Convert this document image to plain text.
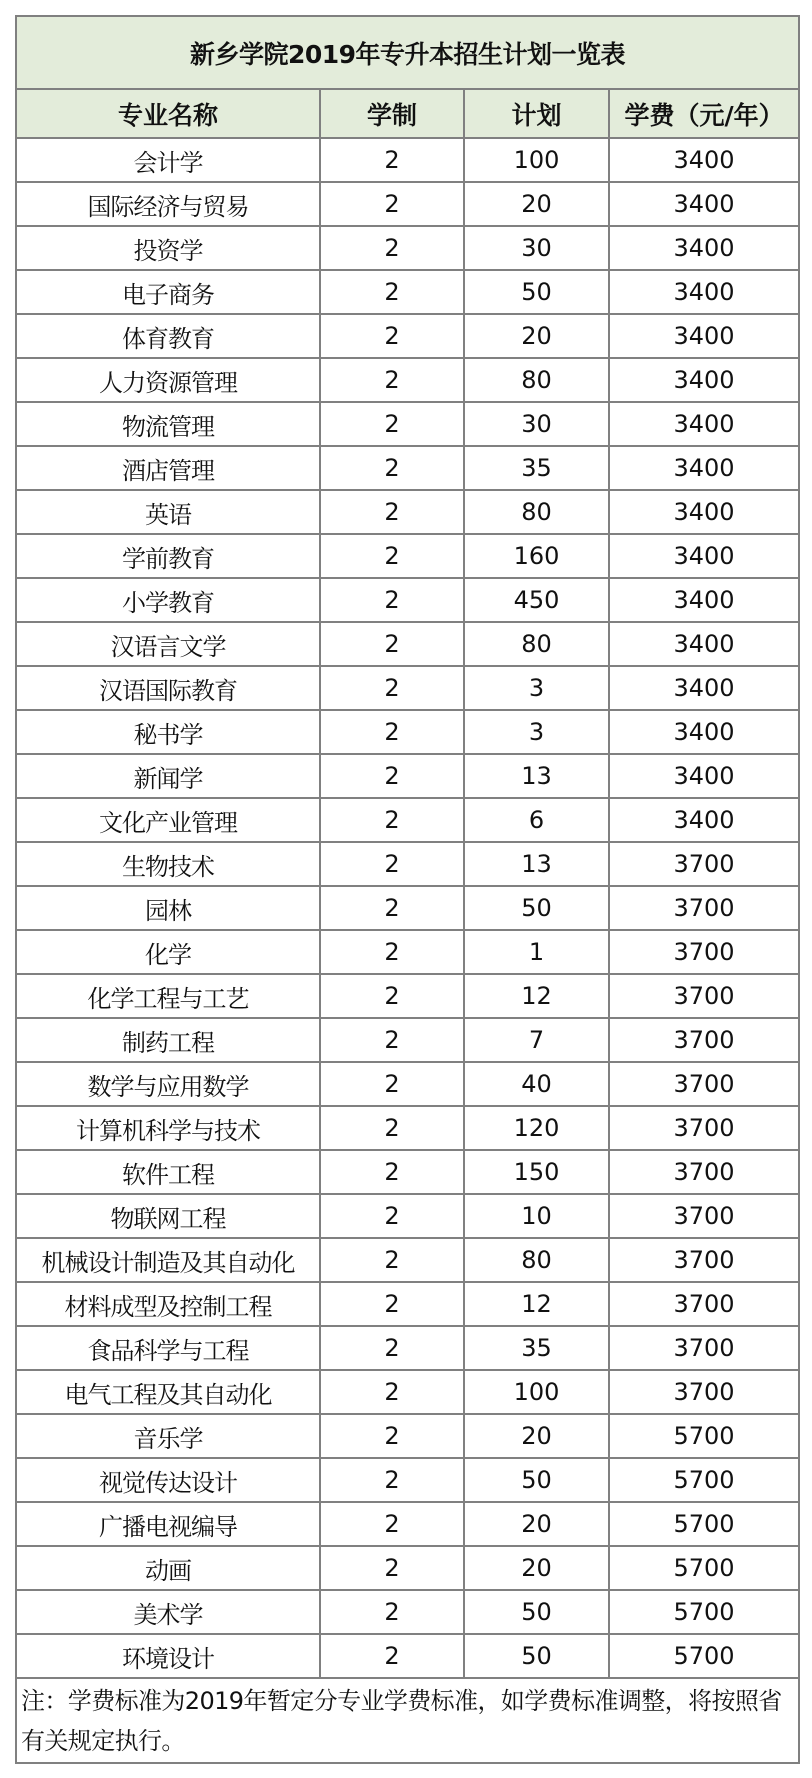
新乡学院2019年专升本招生计划一览表			
专业名称	学制	计划	学费（元/年）
会计学	2	100	3400
国际经济与贸易	2	20	3400
投资学	2	30	3400
电子商务	2	50	3400
体育教育	2	20	3400
人力资源管理	2	80	3400
物流管理	2	30	3400
酒店管理	2	35	3400
英语	2	80	3400
学前教育	2	160	3400
小学教育	2	450	3400
汉语言文学	2	80	3400
汉语国际教育	2	3	3400
秘书学	2	3	3400
新闻学	2	13	3400
文化产业管理	2	6	3400
生物技术	2	13	3700
园林	2	50	3700
化学	2	1	3700
化学工程与工艺	2	12	3700
制药工程	2	7	3700
数学与应用数学	2	40	3700
计算机科学与技术	2	120	3700
软件工程	2	150	3700
物联网工程	2	10	3700
机械设计制造及其自动化	2	80	3700
材料成型及控制工程	2	12	3700
食品科学与工程	2	35	3700
电气工程及其自动化	2	100	3700
音乐学	2	20	5700
视觉传达设计	2	50	5700
广播电视编导	2	20	5700
动画	2	20	5700
美术学	2	50	5700
环境设计	2	50	5700
注：学费标准为2019年暂定分专业学费标准，如学费标准调整，将按照省有关规定执行。			
